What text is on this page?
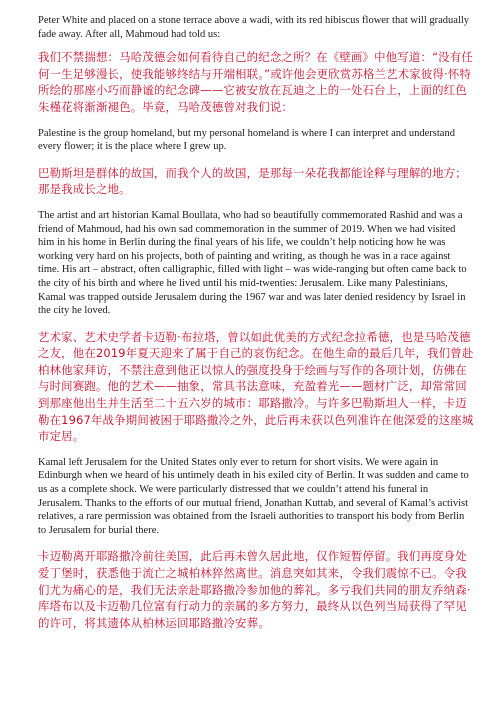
Peter White and placed on a stone terrace above a wadi, with its red hibiscus flower that will gradually fade away. After all, Mahmoud had told us:

我们不禁揣想：马哈茂德会如何看待自己的纪念之所？在《壁画》中他写道：“没有任何一生足够漫长，使我能够终结与开端相联。”或许他会更欣赏苏格兰艺术家彼得·怀特所绘的那座小巧而静谧的纪念碑——它被安放在瓦迪之上的一处石台上，上面的红色朱槿花将渐渐褪色。毕竟，马哈茂德曾对我们说：

Palestine is the group homeland, but my personal homeland is where I can interpret and understand every flower; it is the place where I grew up.

巴勒斯坦是群体的故国，而我个人的故国，是那每一朵花我都能诠释与理解的地方；那是我成长之地。

The artist and art historian Kamal Boullata, who had so beautifully commemorated Rashid and was a friend of Mahmoud, had his own sad commemoration in the summer of 2019. When we had visited him in his home in Berlin during the final years of his life, we couldn’t help noticing how he was working very hard on his projects, both of painting and writing, as though he was in a race against time. His art – abstract, often calligraphic, filled with light – was wide-ranging but often came back to the city of his birth and where he lived until his mid-twenties: Jerusalem. Like many Palestinians, Kamal was trapped outside Jerusalem during the 1967 war and was later denied residency by Israel in the city he loved.

艺术家、艺术史学者卡迈勒·布拉塔，曾以如此优美的方式纪念拉希德，也是马哈茂德之友，他在2019年夏天迎来了属于自己的哀伤纪念。在他生命的最后几年，我们曾赴柏林他家拜访，不禁注意到他正以惊人的强度投身于绘画与写作的各项计划，仿佛在与时间赛跑。他的艺术——抽象，常具书法意味，充盈着光——题材广泛，却常常回到那座他出生并生活至二十五六岁的城市：耶路撒冷。与许多巴勒斯坦人一样，卡迈勒在1967年战争期间被困于耶路撒冷之外，此后再未获以色列准许在他深爱的这座城市定居。

Kamal left Jerusalem for the United States only ever to return for short visits. We were again in Edinburgh when we heard of his untimely death in his exiled city of Berlin. It was sudden and came to us as a complete shock. We were particularly distressed that we couldn’t attend his funeral in Jerusalem. Thanks to the efforts of our mutual friend, Jonathan Kuttab, and several of Kamal’s activist relatives, a rare permission was obtained from the Israeli authorities to transport his body from Berlin to Jerusalem for burial there.

卡迈勒离开耶路撒冷前往美国，此后再未曾久居此地，仅作短暂停留。我们再度身处爱丁堡时，获悉他于流亡之城柏林猝然离世。消息突如其来，令我们震惊不已。令我们尤为痛心的是，我们无法亲赴耶路撒冷参加他的葬礼。多亏我们共同的朋友乔纳森·库塔布以及卡迈勒几位富有行动力的亲属的多方努力，最终从以色列当局获得了罕见的许可，将其遗体从柏林运回耶路撒冷安葬。
